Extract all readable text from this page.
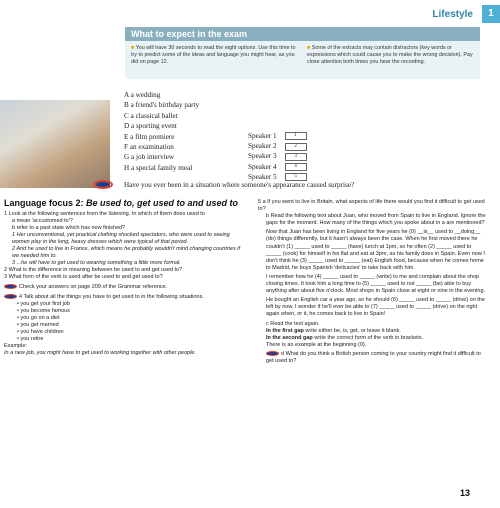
Lifestyle	1
What to expect in the exam
■ You will have 30 seconds to read the eight options. Use this time to try to predict some of the ideas and language you might hear, as you did on page 12.
■ Some of the extracts may contain distractors (key words or expressions which could cause you to make the wrong decision). Pay close attention both times you hear the recording.
A a wedding
B a friend's birthday party
C a classical ballet
D a sporting event
E a film premiere
F an examination
G a job interview
H a special family meal
Speaker 1	1
Speaker 2	2
Speaker 3	3
Speaker 4	4
Speaker 5	5
Have you ever been in a situation where someone's appearance caused surprise?
Language focus 2: Be used to, get used to and used to
1 Look at the following sentences from the listening. In which of them does used to
a mean 'accustomed to'?
b refer to a past state which has now finished?
1 Her unconventional, yet practical clothing shocked spectators, who were used to seeing women play in the long, heavy dresses which were typical of that period.
2 And he used to live in France, which means he probably wouldn't mind changing countries if we needed him to.
3 ...he will have to get used to wearing something a little more formal.
2 What is the difference in meaning between be used to and get used to?
3 What form of the verb is used after be used to and get used to?
Check your answers on page 209 of the Grammar reference.
4 Talk about all the things you have to get used to in the following situations.
• you get your first job
• you become famous
• you go on a diet
• you get married
• you have children
• you retire
Example:
In a new job, you might have to get used to working together with other people.
5 a If you went to live in Britain, what aspects of life there would you find it difficult to get used to?
b Read the following text about Juan, who moved from Spain to live in England. Ignore the gaps for the moment. How many of the things which you spoke about in a are mentioned?
Now that Juan has been living in England for five years he (0) __is__ used to __doing__ (do) things differently, but it hasn't always been the case. When he first moved there he couldn't (1) _____ used to _____ (have) lunch at 1pm, so he often (2) _____ used to _____ (cook) for himself in his flat and eat at 3pm, as his family does in Spain. Even now I don't think he (3) _____ used to _____ (eat) English food, because when he comes home to Madrid, he buys Spanish 'delicacies' to take back with him.
I remember how he (4) _____ used to _____ (write) to me and complain about the shop closing times. It took him a long time to (5) _____ used to not _____ (be) able to buy anything after about five o'clock. Most shops in Spain close at eight or nine in the evening.
He bought an English car a year ago, so he should (6) _____ used to _____ (drive) on the left by now. I wonder if he'll ever be able to (7) _____ used to _____ (drive) on the right again when, or it, he comes back to live in Spain!
c Read the text again.
In the first gap write either be, is, get, or leave it blank.
In the second gap write the correct form of the verb in brackets.
There is an example at the beginning (0).
d What do you think a British person coming to your country might find it difficult to get used to?
13
